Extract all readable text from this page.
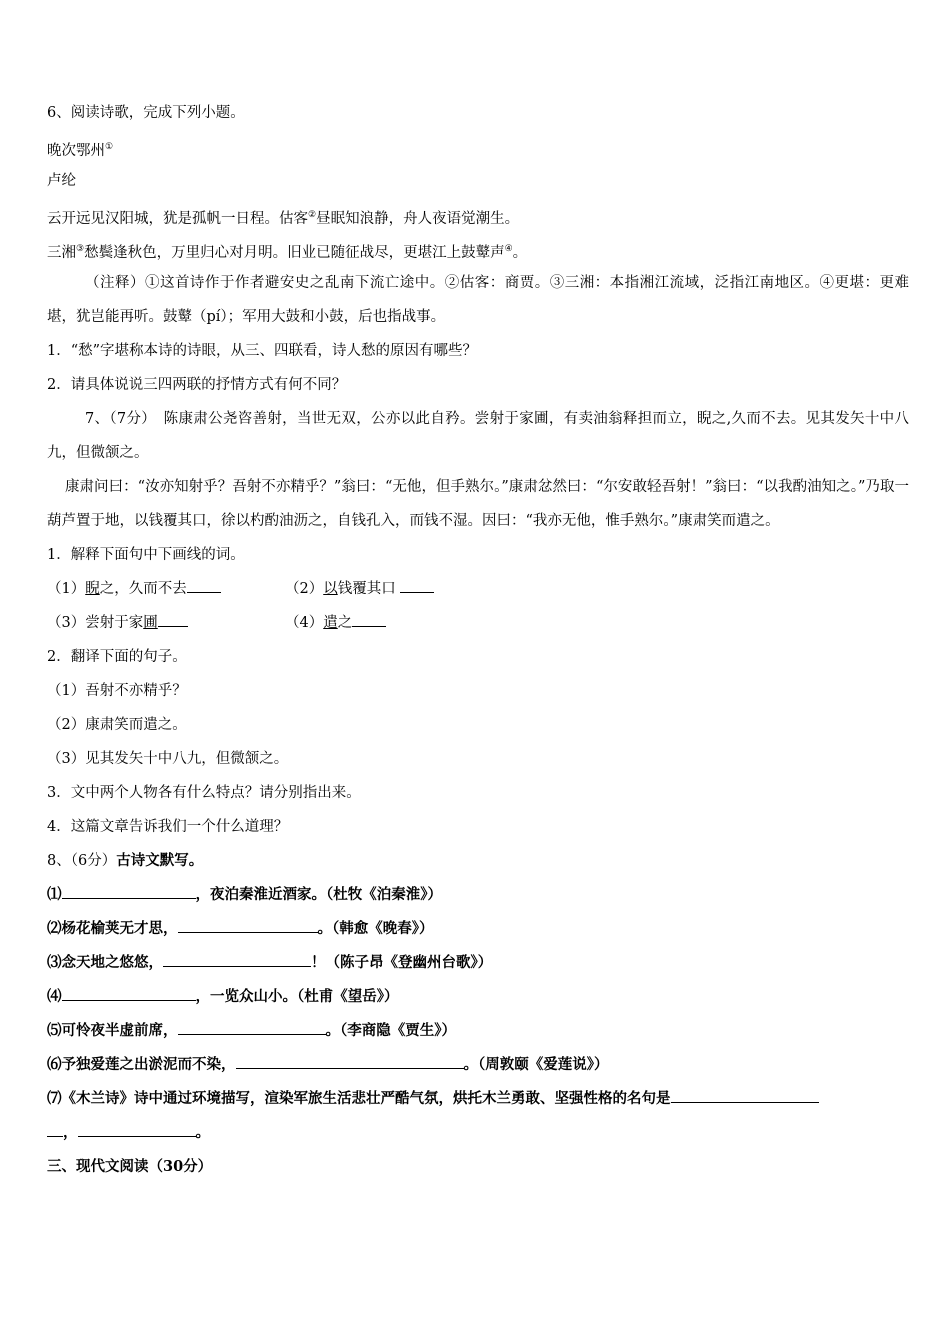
6、阅读诗歌，完成下列小题。
晚次鄂州①
卢纶
云开远见汉阳城，犹是孤帆一日程。估客②昼眠知浪静，舟人夜语觉潮生。
三湘③愁鬓逢秋色，万里归心对月明。旧业已随征战尽，更堪江上鼓鼙声④。
（注释）①这首诗作于作者避安史之乱南下流亡途中。②估客：商贾。③三湘：本指湘江流域，泛指江南地区。④更堪：更难堪，犹岂能再听。鼓鼙（pí）；军用大鼓和小鼓，后也指战事。
1．“愁”字堪称本诗的诗眼，从三、四联看，诗人愁的原因有哪些？
2．请具体说说三四两联的抒情方式有何不同？
7、（7分）　陈康肃公尧咨善射，当世无双，公亦以此自矜。尝射于家圃，有卖油翁释担而立，睨之,久而不去。见其发矢十中八九，但微颔之。
康肃问曰：“汝亦知射乎？吾射不亦精乎？”翁曰：“无他，但手熟尔。”康肃忿然曰：“尔安敢轻吾射！”翁曰：“以我酌油知之。”乃取一葫芦置于地，以钱覆其口，徐以杓酌油沥之，自钱孔入，而钱不湿。因曰：“我亦无他，惟手熟尔。”康肃笑而遣之。
1．解释下面句中下画线的词。
（1）睨之，久而不去	（2）以钱覆其口
（3）尝射于家圃	（4）遣之
2．翻译下面的句子。
（1）吾射不亦精乎？
（2）康肃笑而遣之。
（3）见其发矢十中八九，但微颔之。
3．文中两个人物各有什么特点？请分别指出来。
4．这篇文章告诉我们一个什么道理？
8、（6分）古诗文默写。
⑴	，夜泊秦淮近酒家。（杜牧《泊秦淮》）
⑵杨花榆荚无才思，	。（韩愈《晚春》）
⑶念天地之悠悠，	！（陈子昂《登幽州台歌》）
⑷	，一览众山小。（杜甫《望岳》）
⑸可怜夜半虚前席，	。（李商隐《贾生》）
⑹予独爱莲之出淤泥而不染，	。（周敦颐《爱莲说》）
⑺《木兰诗》诗中通过环境描写，渲染军旅生活悲壮严酷气氛，烘托木兰勇敢、坚强性格的名句是
，	。
三、现代文阅读（30分）
